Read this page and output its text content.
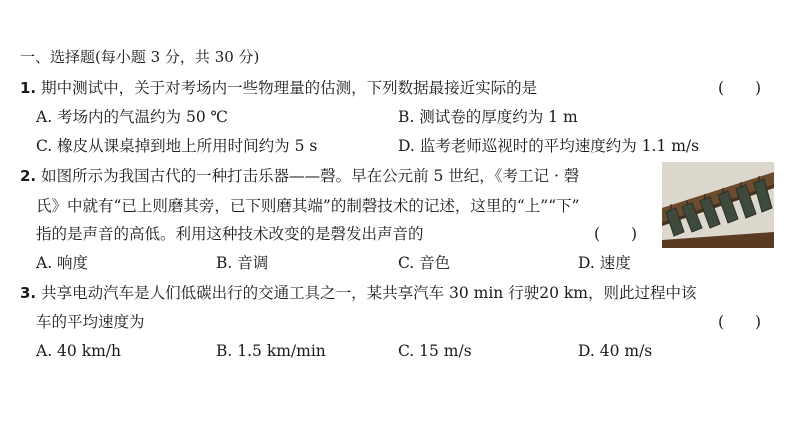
一、选择题(每小题 3 分，共 30 分)
1. 期中测试中，关于对考场内一些物理量的估测，下列数据最接近实际的是	(　　)
A. 考场内的气温约为 50 ℃	B. 测试卷的厚度约为 1 m
C. 橡皮从课桌掉到地上所用时间约为 5 s	D. 监考老师巡视时的平均速度约为 1.1 m/s
2. 如图所示为我国古代的一种打击乐器——磬。早在公元前 5 世纪，《考工记 · 磬
氏》中就有“已上则磨其旁，已下则磨其端”的制磬技术的记述，这里的“上”“下”
指的是声音的高低。利用这种技术改变的是磬发出声音的	(　　)
A. 响度	B. 音调	C. 音色	D. 速度
3. 共享电动汽车是人们低碳出行的交通工具之一，某共享汽车 30 min 行驶20 km，则此过程中该
车的平均速度为	(　　)
A. 40 km/h	B. 1.5 km/min	C. 15 m/s	D. 40 m/s
